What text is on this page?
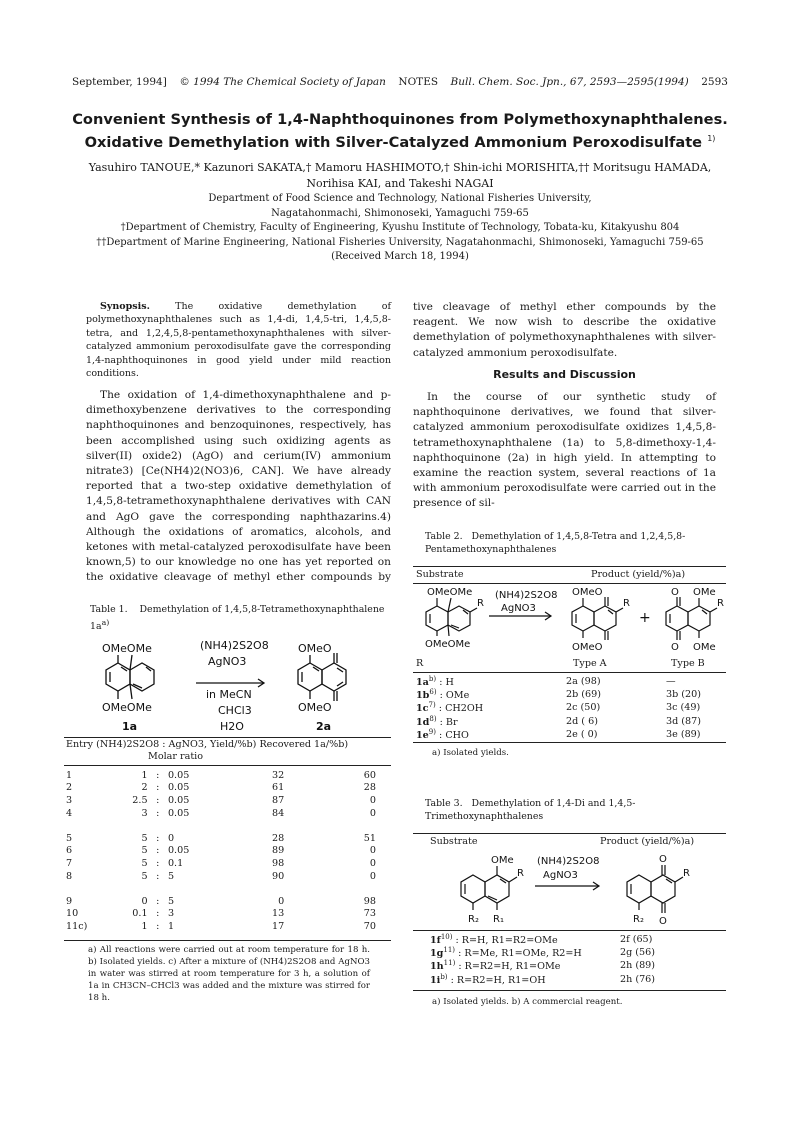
September, 1994] © 1994 The Chemical Society of Japan NOTES Bull. Chem. Soc. Jpn., 67, 2593—2595(1994) 2593
Convenient Synthesis of 1,4-Naphthoquinones from Polymethoxynaphthalenes.
Oxidative Demethylation with Silver-Catalyzed Ammonium Peroxodisulfate $^{1)}$
Yasuhiro TANOUE,* Kazunori SAKATA,† Mamoru HASHIMOTO,† Shin-ichi MORISHITA,†† Moritsugu HAMADA,
Norihisa KAI, and Takeshi NAGAI
Department of Food Science and Technology, National Fisheries University,
Nagatahonmachi, Shimonoseki, Yamaguchi 759-65
†Department of Chemistry, Faculty of Engineering, Kyushu Institute of Technology, Tobata-ku, Kitakyushu 804
††Department of Marine Engineering, National Fisheries University, Nagatahonmachi, Shimonoseki, Yamaguchi 759-65
(Received March 18, 1994)

Synopsis.	The oxidative demethylation of polymethoxynaphthalenes such as 1,4-di, 1,4,5-tri, 1,4,5,8-tetra, and 1,2,4,5,8-pentamethoxynaphthalenes with silver-catalyzed ammonium peroxodisulfate gave the corresponding 1,4-naphthoquinones in good yield under mild reaction conditions.

The oxidation of 1,4-dimethoxynaphthalene and p-dimethoxybenzene derivatives to the corresponding naphthoquinones and benzoquinones, respectively, has been accomplished using such oxidizing agents as silver(II) oxide2) (AgO) and cerium(IV) ammonium nitrate3) [Ce(NH4)2(NO3)6, CAN]. We have already reported that a two-step oxidative demethylation of 1,4,5,8-tetramethoxynaphthalene derivatives with CAN and AgO gave the corresponding naphthazarins.4) Although the oxidations of aromatics, alcohols, and ketones with metal-catalyzed peroxodisulfate have been known,5) to our knowledge no one has yet reported on the oxidative cleavage of methyl ether compounds by

tive cleavage of methyl ether compounds by the reagent. We now wish to describe the oxidative demethylation of polymethoxynaphthalenes with silver-catalyzed ammonium peroxodisulfate.

Results and Discussion

In the course of our synthetic study of naphthoquinone derivatives, we found that silver-catalyzed ammonium peroxodisulfate oxidizes 1,4,5,8-tetramethoxynaphthalene (1a) to 5,8-dimethoxy-1,4-naphthoquinone (2a) in high yield. In attempting to examine the reaction system, several reactions of 1a with ammonium peroxodisulfate were carried out in the presence of sil-

Table 1. Demethylation of 1,4,5,8-Tetramethoxynaphthalene $1a^{a)}$
OMeOMe
OMeOMe
OMeO
OMeO
(NH4)2S2O8
AgNO3
in MeCN
CHCl3
H2O
1a	2a
Entry (NH4)2S2O8 : AgNO3, Yield/%b) Recovered 1a/%b)
Molar ratio
1	1	:	0.05	32	60
2	2	:	0.05	61	28
3	2.5	:	0.05	87	0
4	3	:	0.05	84	0

5	5	:	0	28	51
6	5	:	0.05	89	0
7	5	:	0.1	98	0
8	5	:	5	90	0

9	0	:	5	0	98
10	0.1	:	3	13	73
11c)	1	:	1	17	70
a) All reactions were carried out at room temperature for 18 h. b) Isolated yields. c) After a mixture of (NH4)2S2O8 and AgNO3 in water was stirred at room temperature for 3 h, a solution of 1a in CH3CN–CHCl3 was added and the mixture was stirred for 18 h.
Table 2. Demethylation of 1,4,5,8-Tetra and 1,2,4,5,8-Pentamethoxynaphthalenes
Substrate	Product (yield/%)a)
OMeOMe
R
OMeOMe
(NH4)2S2O8
AgNO3
OMeO
R
OMeO
+
O OMe
R
O OMe
R	Type A	Type B
$1a^{b)}$ : H	2a (98)	—
$1b^{6)}$ : OMe	2b (69)	3b (20)
$1c^{7)}$ : CH2OH	2c (50)	3c (49)
$1d^{8)}$ : Br	2d ( 6)	3d (87)
$1e^{9)}$ : CHO	2e ( 0)	3e (89)
a) Isolated yields.
Table 3. Demethylation of 1,4-Di and 1,4,5-Trimethoxynaphthalenes
Substrate	Product (yield/%)a)
OMe
R
R₂ R₁
(NH4)2S2O8
AgNO3
O
R
R₂ O
$1f^{10)}$ : R=H, R1=R2=OMe	2f (65)
$1g^{11)}$ : R=Me, R1=OMe, R2=H	2g (56)
$1h^{11)}$ : R=R2=H, R1=OMe	2h (89)
$1i^{b)}$ : R=R2=H, R1=OH	2h (76)
a) Isolated yields. b) A commercial reagent.
